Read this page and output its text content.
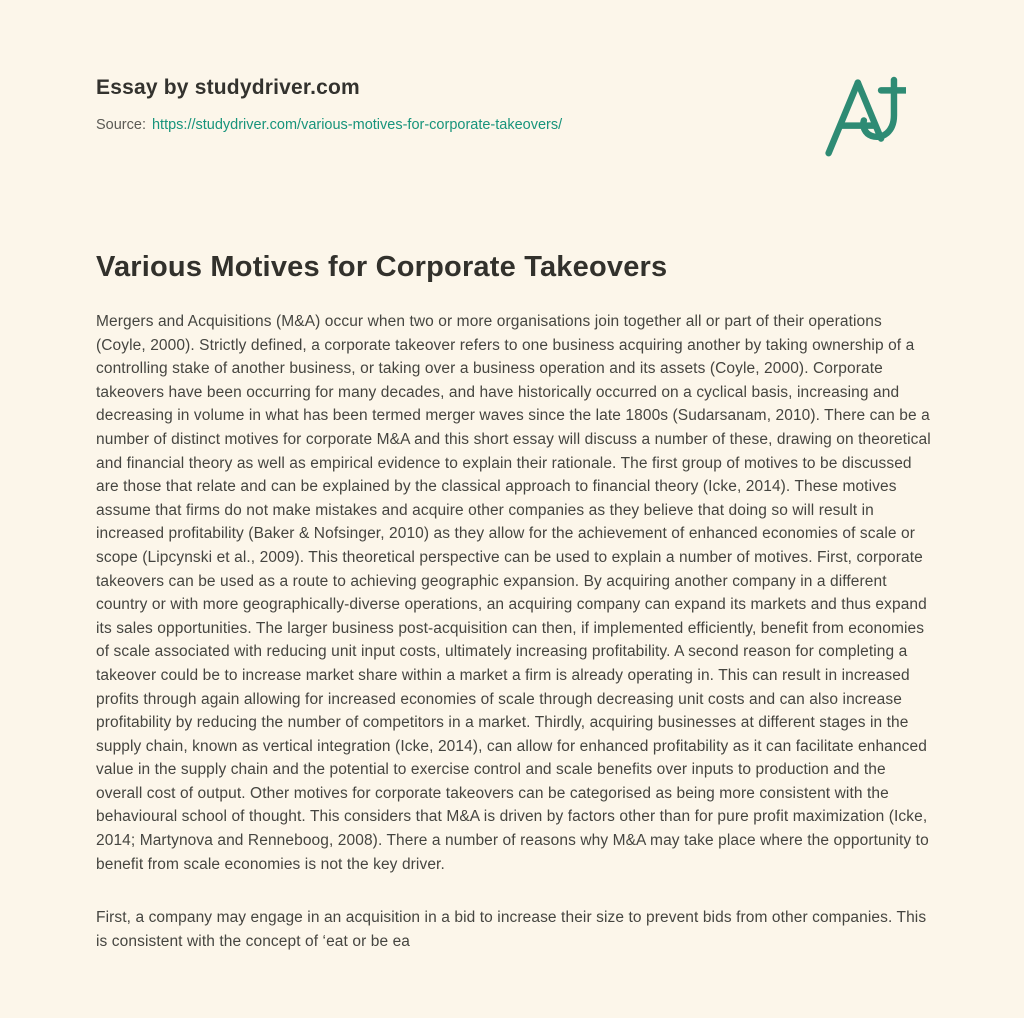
Essay by studydriver.com
Source: https://studydriver.com/various-motives-for-corporate-takeovers/
Various Motives for Corporate Takeovers

Mergers and Acquisitions (M&A) occur when two or more organisations join together all or part of their operations (Coyle, 2000). Strictly defined, a corporate takeover refers to one business acquiring another by taking ownership of a controlling stake of another business, or taking over a business operation and its assets (Coyle, 2000). Corporate takeovers have been occurring for many decades, and have historically occurred on a cyclical basis, increasing and decreasing in volume in what has been termed merger waves since the late 1800s (Sudarsanam, 2010). There can be a number of distinct motives for corporate M&A and this short essay will discuss a number of these, drawing on theoretical and financial theory as well as empirical evidence to explain their rationale. The first group of motives to be discussed are those that relate and can be explained by the classical approach to financial theory (Icke, 2014). These motives assume that firms do not make mistakes and acquire other companies as they believe that doing so will result in increased profitability (Baker & Nofsinger, 2010) as they allow for the achievement of enhanced economies of scale or scope (Lipcynski et al., 2009). This theoretical perspective can be used to explain a number of motives. First, corporate takeovers can be used as a route to achieving geographic expansion. By acquiring another company in a different country or with more geographically-diverse operations, an acquiring company can expand its markets and thus expand its sales opportunities. The larger business post-acquisition can then, if implemented efficiently, benefit from economies of scale associated with reducing unit input costs, ultimately increasing profitability. A second reason for completing a takeover could be to increase market share within a market a firm is already operating in. This can result in increased profits through again allowing for increased economies of scale through decreasing unit costs and can also increase profitability by reducing the number of competitors in a market. Thirdly, acquiring businesses at different stages in the supply chain, known as vertical integration (Icke, 2014), can allow for enhanced profitability as it can facilitate enhanced value in the supply chain and the potential to exercise control and scale benefits over inputs to production and the overall cost of output. Other motives for corporate takeovers can be categorised as being more consistent with the behavioural school of thought. This considers that M&A is driven by factors other than for pure profit maximization (Icke, 2014; Martynova and Renneboog, 2008). There a number of reasons why M&A may take place where the opportunity to benefit from scale economies is not the key driver.

First, a company may engage in an acquisition in a bid to increase their size to prevent bids from other companies. This is consistent with the concept of ‘eat or be ea
